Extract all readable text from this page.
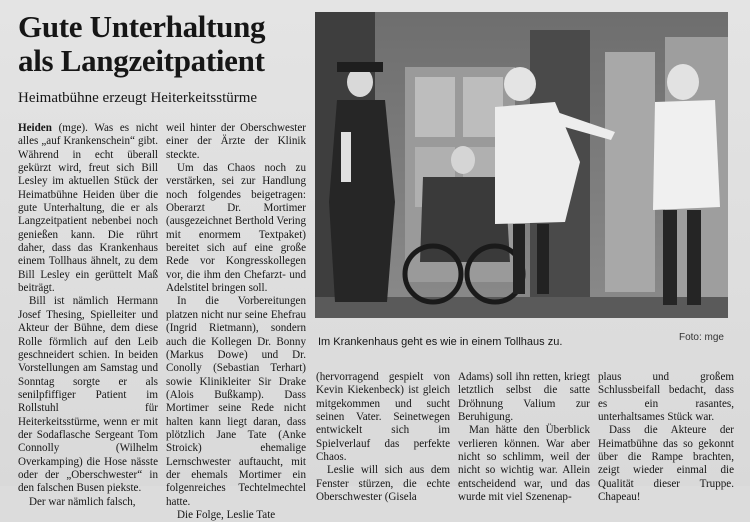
Gute Unterhaltung
als Langzeitpatient
Heimatbühne erzeugt Heiterkeitsstürme

Heiden (mge). Was es nicht alles „auf Krankenschein“ gibt. Während in echt überall gekürzt wird, freut sich Bill Lesley im aktuellen Stück der Heimatbühne Heiden über die gute Unterhaltung, die er als Langzeitpatient nebenbei noch genießen kann. Die rührt daher, dass das Krankenhaus einem Tollhaus ähnelt, zu dem Bill Lesley ein gerüttelt Maß beiträgt.

Bill ist nämlich Hermann Josef Thesing, Spielleiter und Akteur der Bühne, dem diese Rolle förmlich auf den Leib geschneidert schien. In beiden Vorstellungen am Samstag und Sonntag sorgte er als senilpfiffiger Patient im Rollstuhl für Heiterkeitsstürme, wenn er mit der Sodaflasche Sergeant Tom Connolly (Wilhelm Overkamping) die Hose nässte oder der „Oberschwester“ in den falschen Busen piekste.

Der war nämlich falsch,

weil hinter der Oberschwester einer der Ärzte der Klinik steckte.

Um das Chaos noch zu verstärken, sei zur Handlung noch folgendes beigetragen: Oberarzt Dr. Mortimer (ausgezeichnet Berthold Vering mit enormem Textpaket) bereitet sich auf eine große Rede vor Kongresskollegen vor, die ihm den Chefarzt- und Adelstitel bringen soll.

In die Vorbereitungen platzen nicht nur seine Ehefrau (Ingrid Rietmann), sondern auch die Kollegen Dr. Bonny (Markus Dowe) und Dr. Conolly (Sebastian Terhart) sowie Klinikleiter Sir Drake (Alois Bußkamp). Dass Mortimer seine Rede nicht halten kann liegt daran, dass plötzlich Jane Tate (Anke Stroick) ehemalige Lernschwester auftaucht, mit der ehemals Mortimer ein folgenreiches Techtelmechtel hatte.

Die Folge, Leslie Tate

Foto: mge
Im Krankenhaus geht es wie in einem Tollhaus zu.

(hervorragend gespielt von Kevin Kiekenbeck) ist gleich mitgekommen und sucht seinen Vater. Seinetwegen entwickelt sich im Spielverlauf das perfekte Chaos.

Leslie will sich aus dem Fenster stürzen, die echte Oberschwester (Gisela

Adams) soll ihn retten, kriegt letztlich selbst die satte Dröhnung Valium zur Beruhigung.

Man hätte den Überblick verlieren können. War aber nicht so schlimm, weil der nicht so wichtig war. Allein entscheidend war, und das wurde mit viel Szenenap-

plaus und großem Schlussbeifall bedacht, dass es ein rasantes, unterhaltsames Stück war.

Dass die Akteure der Heimatbühne das so gekonnt über die Rampe brachten, zeigt wieder einmal die Qualität dieser Truppe. Chapeau!
